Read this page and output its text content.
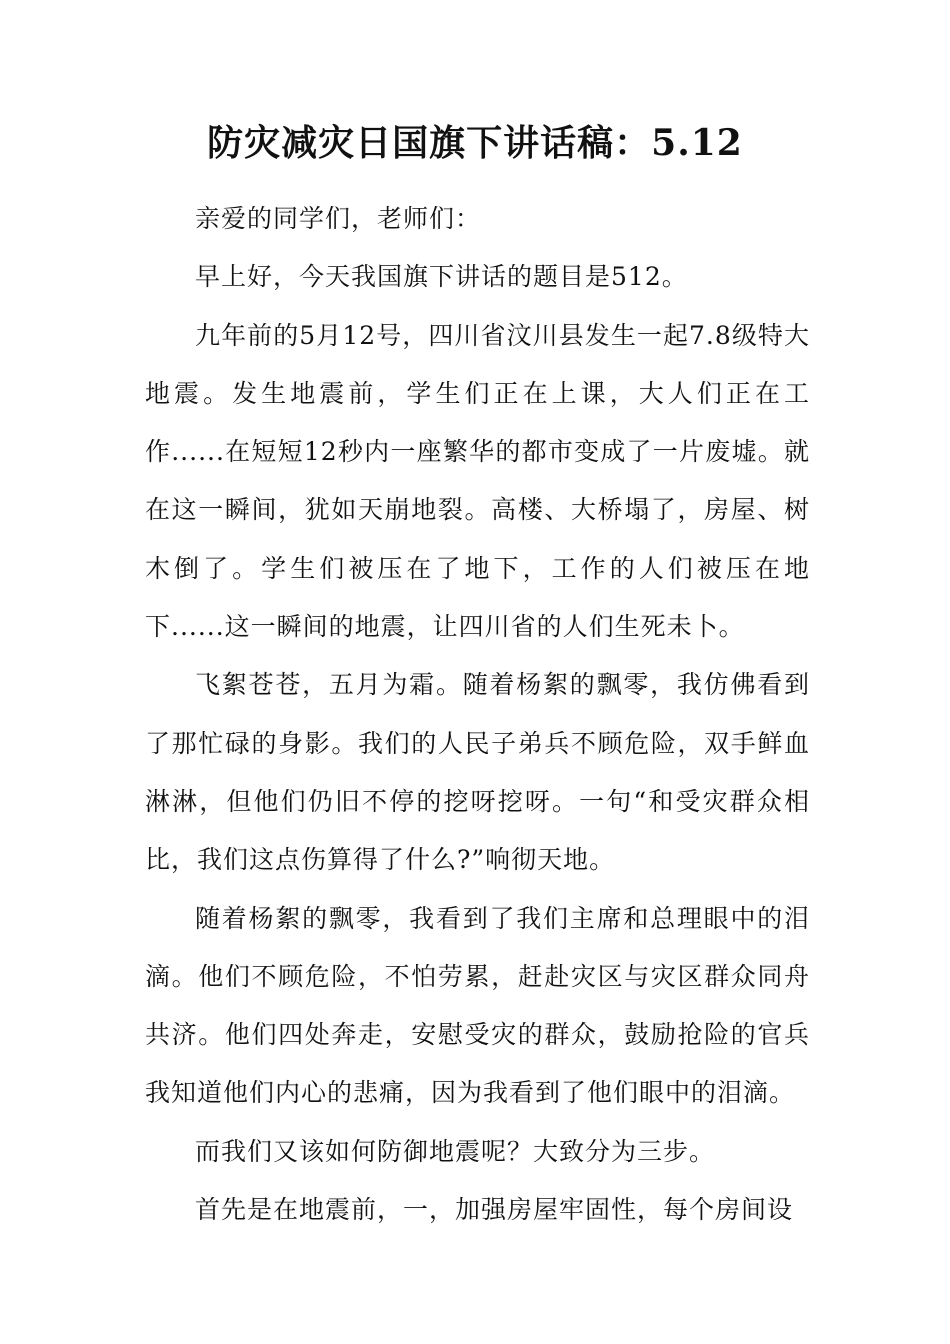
防灾减灾日国旗下讲话稿：5.12

亲爱的同学们，老师们：

早上好，今天我国旗下讲话的题目是512。

九年前的5月12号，四川省汶川县发生一起7.8级特大地震。发生地震前，学生们正在上课，大人们正在工作......在短短12秒内一座繁华的都市变成了一片废墟。就在这一瞬间，犹如天崩地裂。高楼、大桥塌了，房屋、树木倒了。学生们被压在了地下，工作的人们被压在地下......这一瞬间的地震，让四川省的人们生死未卜。

飞絮苍苍，五月为霜。随着杨絮的飘零，我仿佛看到了那忙碌的身影。我们的人民子弟兵不顾危险，双手鲜血淋淋，但他们仍旧不停的挖呀挖呀。一句“和受灾群众相比，我们这点伤算得了什么?”响彻天地。

随着杨絮的飘零，我看到了我们主席和总理眼中的泪滴。他们不顾危险，不怕劳累，赶赴灾区与灾区群众同舟共济。他们四处奔走，安慰受灾的群众，鼓励抢险的官兵我知道他们内心的悲痛，因为我看到了他们眼中的泪滴。

而我们又该如何防御地震呢？大致分为三步。

首先是在地震前，一，加强房屋牢固性，每个房间设
